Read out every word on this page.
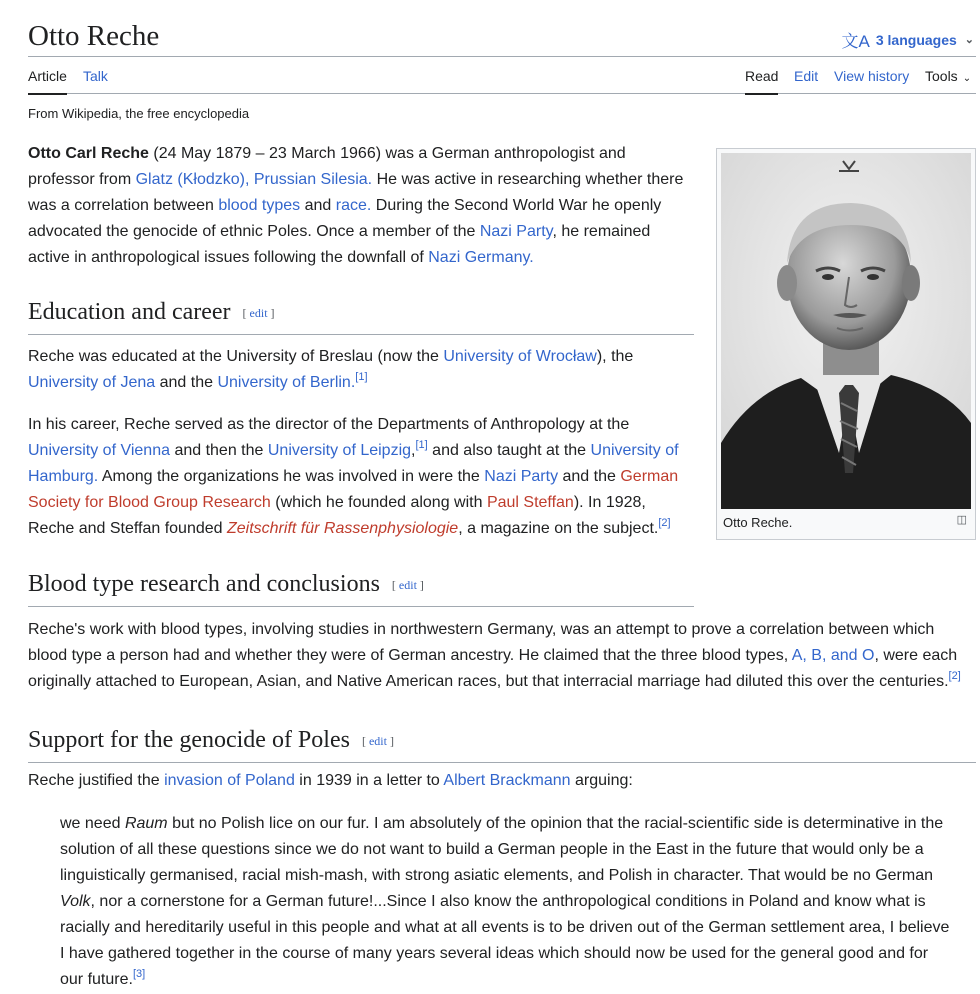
Otto Reche	文A 3 languages ⌄
Article Talk	Read Edit View history Tools ⌄
From Wikipedia, the free encyclopedia

Otto Carl Reche (24 May 1879 – 23 March 1966) was a German anthropologist and professor from Glatz (Kłodzko), Prussian Silesia. He was active in researching whether there was a correlation between blood types and race. During the Second World War he openly advocated the genocide of ethnic Poles. Once a member of the Nazi Party, he remained active in anthropological issues following the downfall of Nazi Germany.

Otto Reche.	◫
Education and career [ edit ]

Reche was educated at the University of Breslau (now the University of Wrocław), the University of Jena and the University of Berlin.[1]

In his career, Reche served as the director of the Departments of Anthropology at the University of Vienna and then the University of Leipzig,[1] and also taught at the University of Hamburg. Among the organizations he was involved in were the Nazi Party and the German Society for Blood Group Research (which he founded along with Paul Steffan). In 1928, Reche and Steffan founded Zeitschrift für Rassenphysiologie, a magazine on the subject.[2]

Blood type research and conclusions [ edit ]

Reche's work with blood types, involving studies in northwestern Germany, was an attempt to prove a correlation between which blood type a person had and whether they were of German ancestry. He claimed that the three blood types, A, B, and O, were each originally attached to European, Asian, and Native American races, but that interracial marriage had diluted this over the centuries.[2]

Support for the genocide of Poles [ edit ]

Reche justified the invasion of Poland in 1939 in a letter to Albert Brackmann arguing:

we need Raum but no Polish lice on our fur. I am absolutely of the opinion that the racial-scientific side is determinative in the solution of all these questions since we do not want to build a German people in the East in the future that would only be a linguistically germanised, racial mish-mash, with strong asiatic elements, and Polish in character. That would be no German Volk, nor a cornerstone for a German future!...Since I also know the anthropological conditions in Poland and know what is racially and hereditarily useful in this people and what at all events is to be driven out of the German settlement area, I believe I have gathered together in the course of many years several ideas which should now be used for the general good and for our future.[3]
